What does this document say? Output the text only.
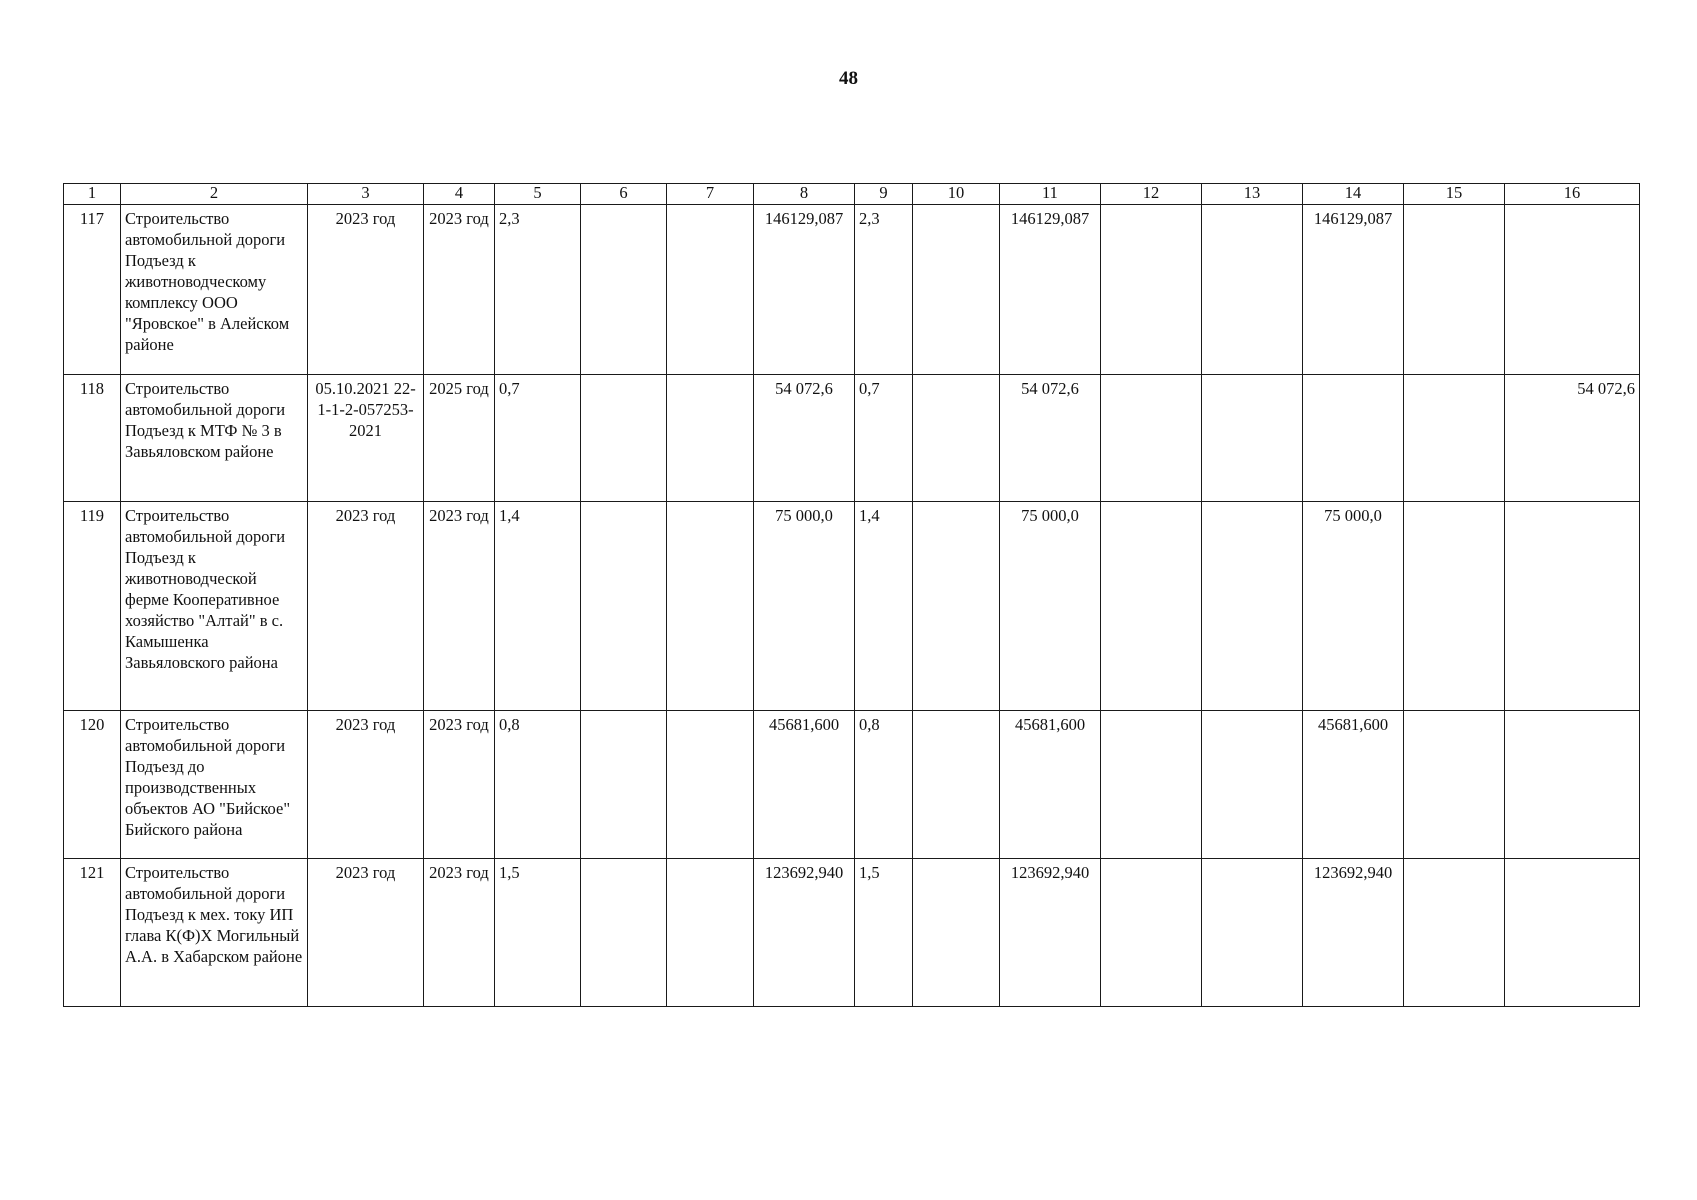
48
1	2	3	4	5	6	7	8	9	10	11	12	13	14	15	16
117	Строительство автомобильной дороги Подъезд к животноводческому комплексу ООО "Яровское" в Алейском районе	2023 год	2023 год	2,3			146129,087	2,3		146129,087			146129,087		
118	Строительство автомобильной дороги Подъезд к МТФ № 3 в Завьяловском районе	05.10.2021 22-1-1-2-057253-2021	2025 год	0,7			54 072,6	0,7		54 072,6					54 072,6
119	Строительство автомобильной дороги Подъезд к животноводческой ферме Кооперативное хозяйство "Алтай" в с. Камышенка Завьяловского района	2023 год	2023 год	1,4			75 000,0	1,4		75 000,0			75 000,0		
120	Строительство автомобильной дороги Подъезд до производственных объектов АО "Бийское" Бийского района	2023 год	2023 год	0,8			45681,600	0,8		45681,600			45681,600		
121	Строительство автомобильной дороги Подъезд к мех. току ИП глава К(Ф)Х Могильный А.А. в Хабарском районе	2023 год	2023 год	1,5			123692,940	1,5		123692,940			123692,940		
